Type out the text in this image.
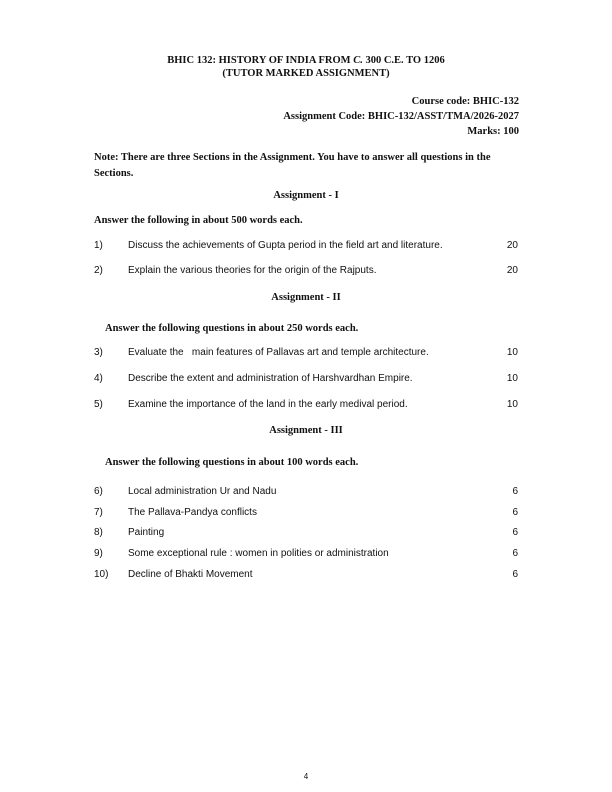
BHIC 132: HISTORY OF INDIA FROM C. 300 C.E. TO 1206
(TUTOR MARKED ASSIGNMENT)
Course code: BHIC-132
Assignment Code: BHIC-132/ASST/TMA/2026-2027
Marks: 100
Note: There are three Sections in the Assignment. You have to answer all questions in the Sections.
Assignment - I
Answer the following in about 500 words each.
1)	Discuss the achievements of Gupta period in the field art and literature.	20
2)	Explain the various theories for the origin of the Rajputs.	20
Assignment - II
Answer the following questions in about 250 words each.
3)	Evaluate the   main features of Pallavas art and temple architecture.	10
4)	Describe the extent and administration of Harshvardhan Empire.	10
5)	Examine the importance of the land in the early medival period.	10
Assignment - III
Answer the following questions in about 100 words each.
6)	Local administration Ur and Nadu	6
7)	The Pallava-Pandya conflicts	6
8)	Painting	6
9)	Some exceptional rule : women in polities or administration	6
10) Decline of Bhakti Movement	6
4
